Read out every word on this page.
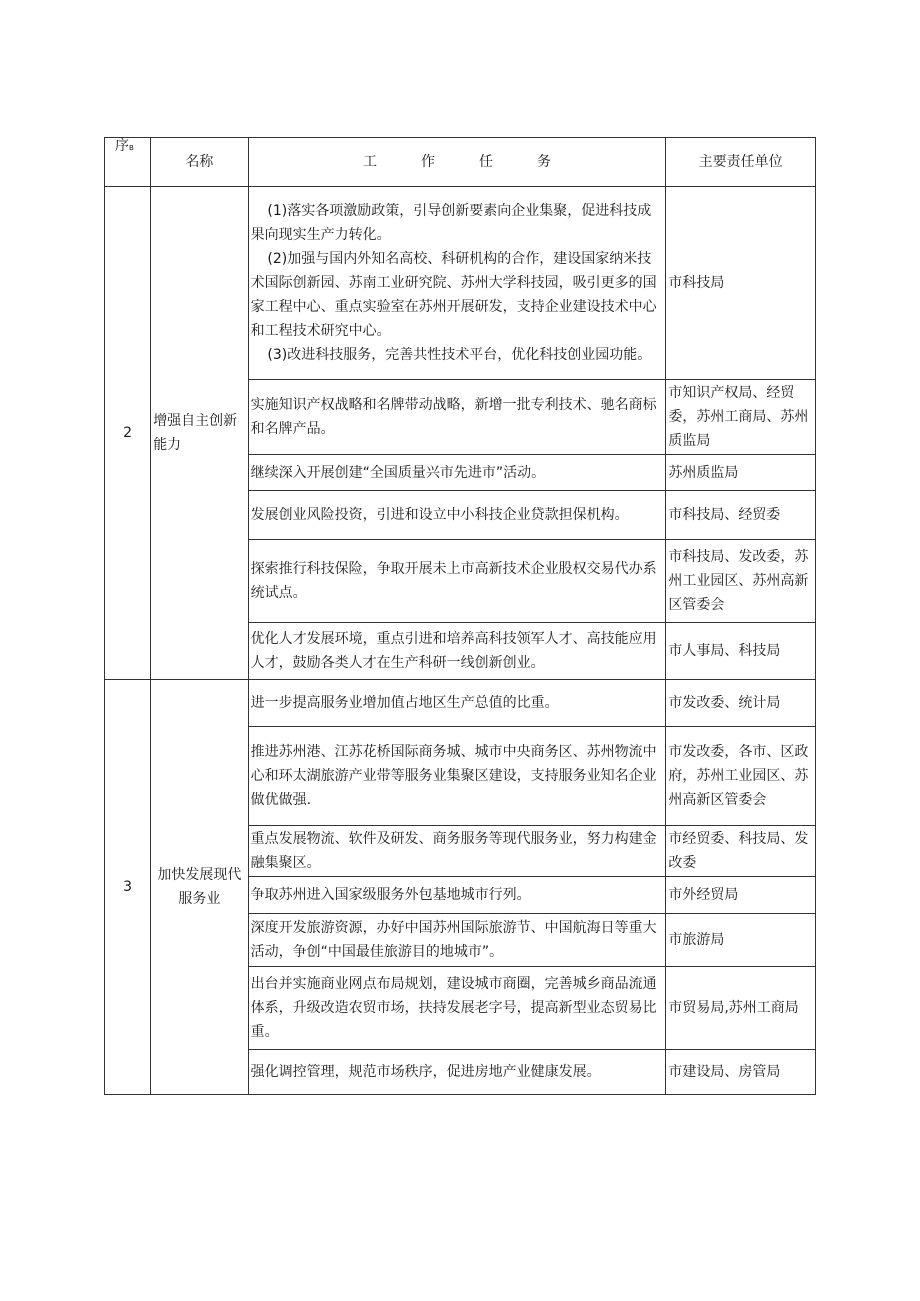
序B	名称	工 作 任 务	主要责任单位
2	增强自主创新能力	(1)落实各项激励政策，引导创新要素向企业集聚，促进科技成果向现实生产力转化。
(2)加强与国内外知名高校、科研机构的合作，建设国家纳米技术国际创新园、苏南工业研究院、苏州大学科技园，吸引更多的国家工程中心、重点实验室在苏州开展研发，支持企业建设技术中心和工程技术研究中心。
(3)改进科技服务，完善共性技术平台，优化科技创业园功能。	市科技局
		实施知识产权战略和名牌带动战略，新增一批专利技术、驰名商标和名牌产品。	市知识产权局、经贸委，苏州工商局、苏州质监局
		继续深入开展创建“全国质量兴市先进市”活动。	苏州质监局
		发展创业风险投资，引进和设立中小科技企业贷款担保机构。	市科技局、经贸委
		探索推行科技保险，争取开展未上市高新技术企业股权交易代办系统试点。	市科技局、发改委，苏州工业园区、苏州高新区管委会
		优化人才发展环境，重点引进和培养高科技领军人才、高技能应用人才，鼓励各类人才在生产科研一线创新创业。	市人事局、科技局
3	加快发展现代服务业	进一步提高服务业增加值占地区生产总值的比重。	市发改委、统计局
		推进苏州港、江苏花桥国际商务城、城市中央商务区、苏州物流中心和环太湖旅游产业带等服务业集聚区建设，支持服务业知名企业做优做强.	市发改委，各市、区政府，苏州工业园区、苏州高新区管委会
		重点发展物流、软件及研发、商务服务等现代服务业，努力构建金融集聚区。	市经贸委、科技局、发改委
		争取苏州进入国家级服务外包基地城市行列。	市外经贸局
		深度开发旅游资源，办好中国苏州国际旅游节、中国航海日等重大活动，争创“中国最佳旅游目的地城市”。	市旅游局
		出台并实施商业网点布局规划，建设城市商圈，完善城乡商品流通体系，升级改造农贸市场，扶持发展老字号，提高新型业态贸易比重。	市贸易局,苏州工商局
		强化调控管理，规范市场秩序，促进房地产业健康发展。	市建设局、房管局
